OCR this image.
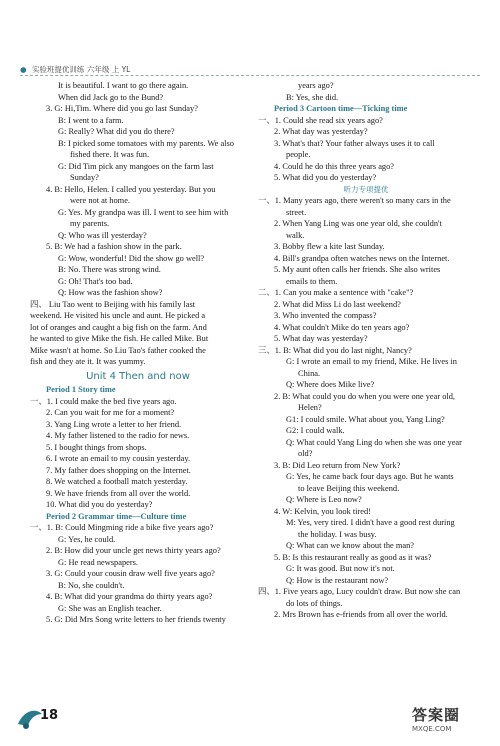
● 实验班提优训练 六年级 上 YL
It is beautiful. I want to go there again.
When did Jack go to the Bund?
3. G: Hi,Tim. Where did you go last Sunday?
B: I went to a farm.
G: Really? What did you do there?
B: I picked some tomatoes with my parents. We also
fished there. It was fun.
G: Did Tim pick any mangoes on the farm last
Sunday?
4. B: Hello, Helen. I called you yesterday. But you
were not at home.
G: Yes. My grandpa was ill. I went to see him with
my parents.
Q: Who was ill yesterday?
5. B: We had a fashion show in the park.
G: Wow, wonderful! Did the show go well?
B: No. There was strong wind.
G: Oh! That's too bad.
Q: How was the fashion show?
四、 Liu Tao went to Beijing with his family last
weekend. He visited his uncle and aunt. He picked a
lot of oranges and caught a big fish on the farm. And
he wanted to give Mike the fish. He called Mike. But
Mike wasn't at home. So Liu Tao's father cooked the
fish and they ate it. It was yummy.
Unit 4 Then and now
Period 1 Story time
一、1. I could make the bed five years ago.
2. Can you wait for me for a moment?
3. Yang Ling wrote a letter to her friend.
4. My father listened to the radio for news.
5. I bought things from shops.
6. I wrote an email to my cousin yesterday.
7. My father does shopping on the Internet.
8. We watched a football match yesterday.
9. We have friends from all over the world.
10. What did you do yesterday?
Period 2 Grammar time—Culture time
一、1. B: Could Mingming ride a bike five years ago?
G: Yes, he could.
2. B: How did your uncle get news thirty years ago?
G: He read newspapers.
3. G: Could your cousin draw well five years ago?
B: No, she couldn't.
4. B: What did your grandma do thirty years ago?
G: She was an English teacher.
5. G: Did Mrs Song write letters to her friends twenty
years ago?
B: Yes, she did.
Period 3 Cartoon time—Ticking time
一、1. Could she read six years ago?
2. What day was yesterday?
3. What's that? Your father always uses it to call
people.
4. Could he do this three years ago?
5. What did you do yesterday?
听力专项提优
一、1. Many years ago, there weren't so many cars in the
street.
2. When Yang Ling was one year old, she couldn't
walk.
3. Bobby flew a kite last Sunday.
4. Bill's grandpa often watches news on the Internet.
5. My aunt often calls her friends. She also writes
emails to them.
二、1. Can you make a sentence with "cake"?
2. What did Miss Li do last weekend?
3. Who invented the compass?
4. What couldn't Mike do ten years ago?
5. What day was yesterday?
三、1. B: What did you do last night, Nancy?
G: I wrote an email to my friend, Mike. He lives in
China.
Q: Where does Mike live?
2. B: What could you do when you were one year old,
Helen?
G1: I could smile. What about you, Yang Ling?
G2: I could walk.
Q: What could Yang Ling do when she was one year
old?
3. B: Did Leo return from New York?
G: Yes, he came back four days ago. But he wants
to leave Beijing this weekend.
Q: Where is Leo now?
4. W: Kelvin, you look tired!
M: Yes, very tired. I didn't have a good rest during
the holiday. I was busy.
Q: What can we know about the man?
5. B: Is this restaurant really as good as it was?
G: It was good. But now it's not.
Q: How is the restaurant now?
四、1. Five years ago, Lucy couldn't draw. But now she can
do lots of things.
2. Mrs Brown has e-friends from all over the world.
18	答案圈
MXQE.COM
